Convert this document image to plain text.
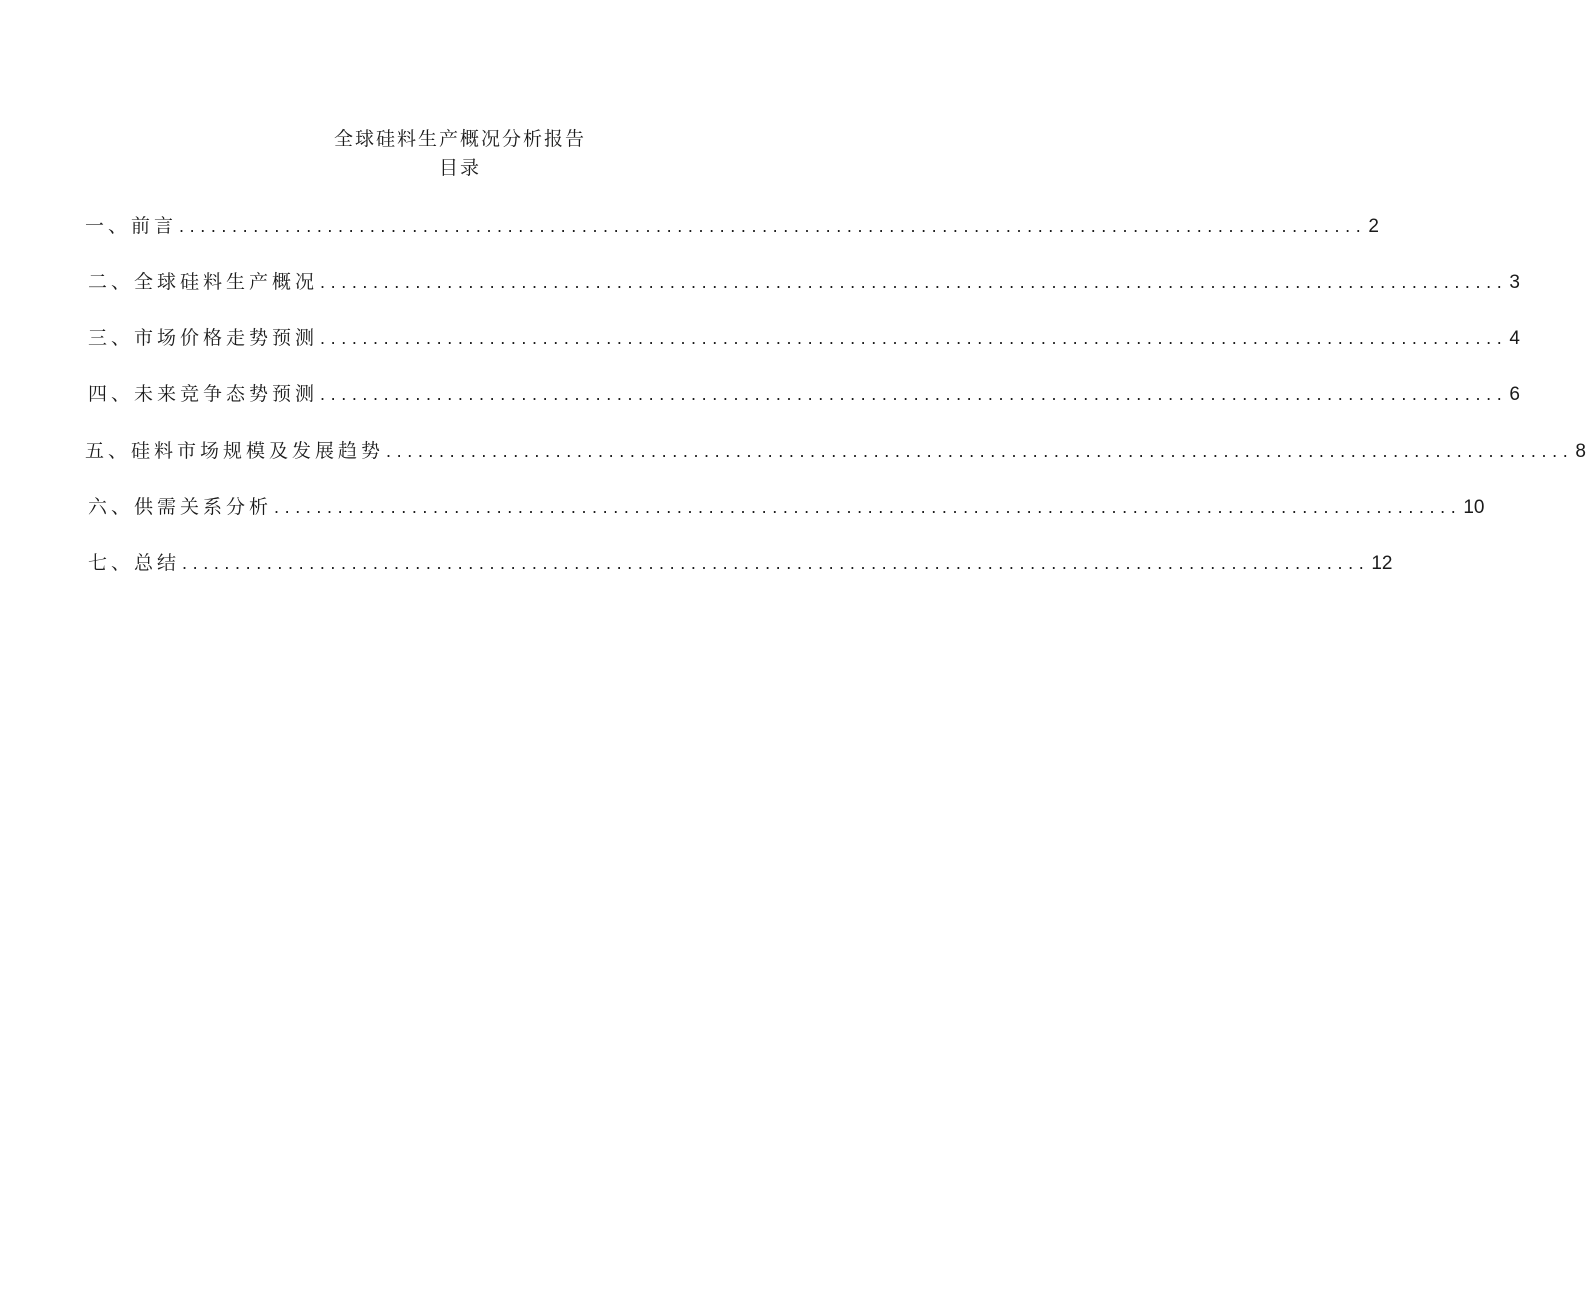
全球硅料生产概况分析报告
目录
一、前言 ................................................................................................................ 2
二、全球硅料生产概况 ................................................................................................................ 3
三、市场价格走势预测 ................................................................................................................ 4
四、未来竞争态势预测 ................................................................................................................ 6
五、硅料市场规模及发展趋势 ................................................................................................................ 8
六、供需关系分析 ................................................................................................................ 10
七、总结 ................................................................................................................ 12
